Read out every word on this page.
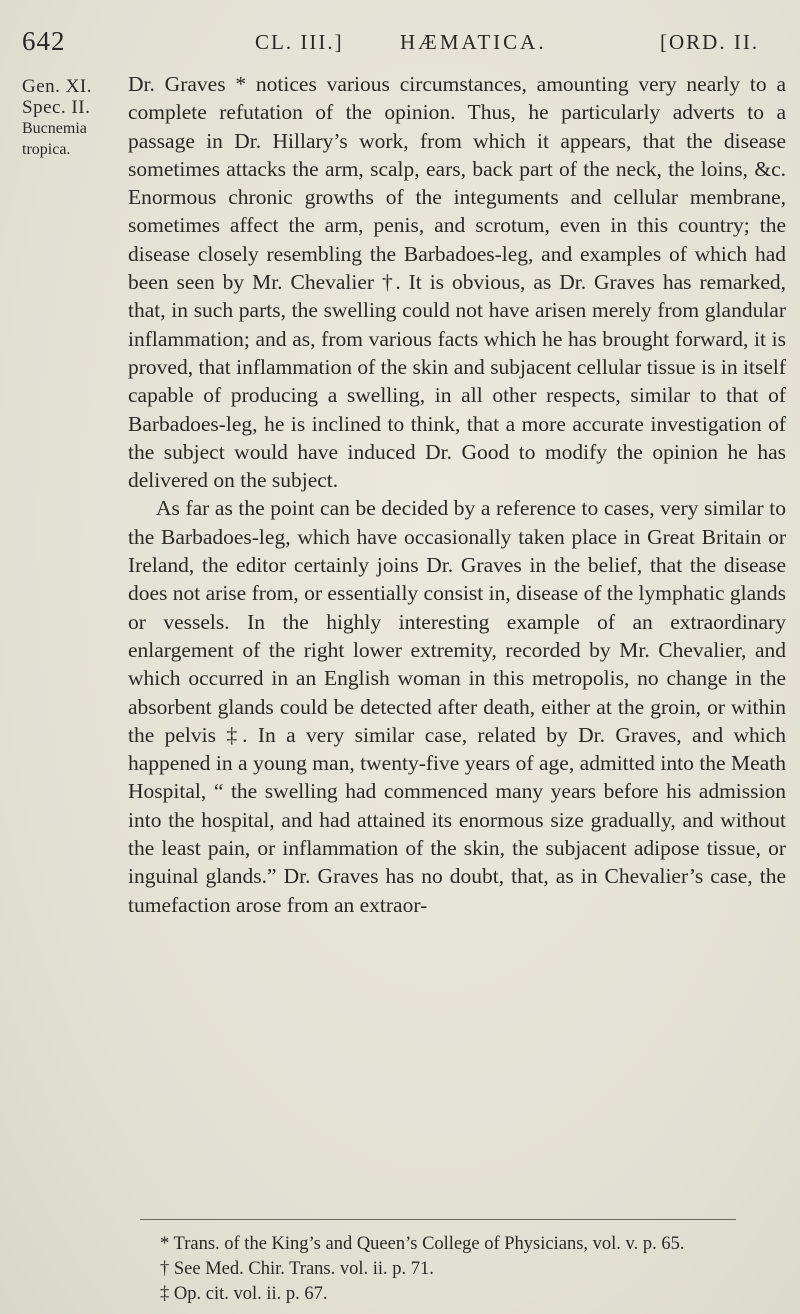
642	CL. III.]	HÆMATICA.	[ORD. II.
Gen. XI.
Spec. II.
Bucnemia
tropica.

Dr. Graves * notices various circumstances, amounting very nearly to a complete refutation of the opinion. Thus, he particularly adverts to a passage in Dr. Hillary’s work, from which it appears, that the disease sometimes attacks the arm, scalp, ears, back part of the neck, the loins, &c. Enormous chronic growths of the integuments and cellular membrane, sometimes affect the arm, penis, and scrotum, even in this country; the disease closely resembling the Barbadoes-leg, and examples of which had been seen by Mr. Chevalier †. It is obvious, as Dr. Graves has remarked, that, in such parts, the swelling could not have arisen merely from glandular inflammation; and as, from various facts which he has brought forward, it is proved, that inflammation of the skin and subjacent cellular tissue is in itself capable of producing a swelling, in all other respects, similar to that of Barbadoes-leg, he is inclined to think, that a more accurate investigation of the subject would have induced Dr. Good to modify the opinion he has delivered on the subject.

As far as the point can be decided by a reference to cases, very similar to the Barbadoes-leg, which have occasionally taken place in Great Britain or Ireland, the editor certainly joins Dr. Graves in the belief, that the disease does not arise from, or essentially consist in, disease of the lymphatic glands or vessels. In the highly interesting example of an extraordinary enlargement of the right lower extremity, recorded by Mr. Chevalier, and which occurred in an English woman in this metropolis, no change in the absorbent glands could be detected after death, either at the groin, or within the pelvis ‡. In a very similar case, related by Dr. Graves, and which happened in a young man, twenty-five years of age, admitted into the Meath Hospital, “ the swelling had commenced many years before his admission into the hospital, and had attained its enormous size gradually, and without the least pain, or inflammation of the skin, the subjacent adipose tissue, or inguinal glands.” Dr. Graves has no doubt, that, as in Chevalier’s case, the tumefaction arose from an extraor-

* Trans. of the King’s and Queen’s College of Physicians, vol. v. p. 65.
† See Med. Chir. Trans. vol. ii. p. 71.
‡ Op. cit. vol. ii. p. 67.
